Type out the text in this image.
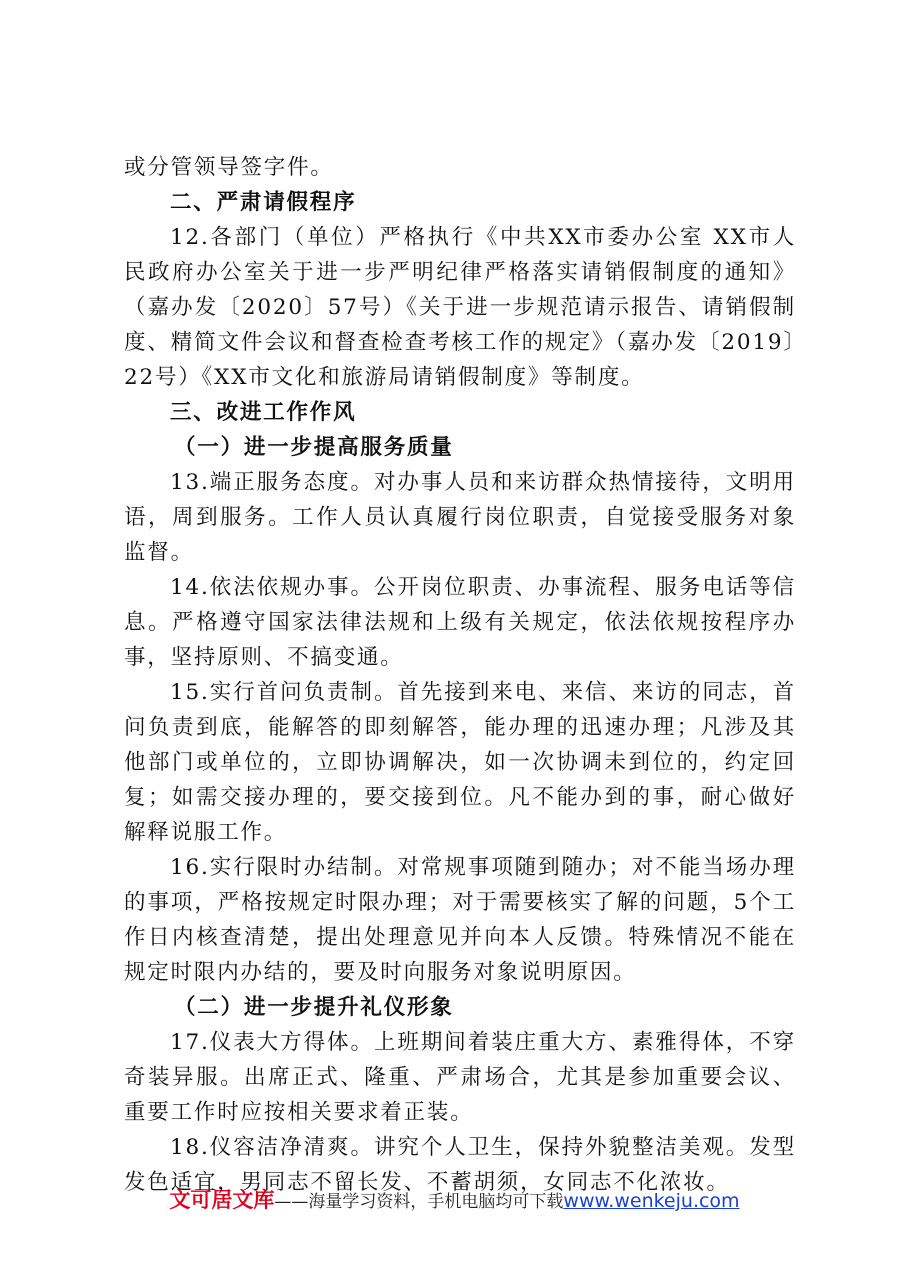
或分管领导签字件。

二、严肃请假程序

12.各部门（单位）严格执行《中共XX市委办公室 XX市人民政府办公室关于进一步严明纪律严格落实请销假制度的通知》（嘉办发〔2020〕57号）《关于进一步规范请示报告、请销假制度、精简文件会议和督查检查考核工作的规定》（嘉办发〔2019〕22号）《XX市文化和旅游局请销假制度》等制度。

三、改进工作作风

（一）进一步提高服务质量

13.端正服务态度。对办事人员和来访群众热情接待，文明用语，周到服务。工作人员认真履行岗位职责，自觉接受服务对象监督。

14.依法依规办事。公开岗位职责、办事流程、服务电话等信息。严格遵守国家法律法规和上级有关规定，依法依规按程序办事，坚持原则、不搞变通。

15.实行首问负责制。首先接到来电、来信、来访的同志，首问负责到底，能解答的即刻解答，能办理的迅速办理；凡涉及其他部门或单位的，立即协调解决，如一次协调未到位的，约定回复；如需交接办理的，要交接到位。凡不能办到的事，耐心做好解释说服工作。

16.实行限时办结制。对常规事项随到随办；对不能当场办理的事项，严格按规定时限办理；对于需要核实了解的问题，5个工作日内核查清楚，提出处理意见并向本人反馈。特殊情况不能在规定时限内办结的，要及时向服务对象说明原因。

（二）进一步提升礼仪形象

17.仪表大方得体。上班期间着装庄重大方、素雅得体，不穿奇装异服。出席正式、隆重、严肃场合，尤其是参加重要会议、重要工作时应按相关要求着正装。

18.仪容洁净清爽。讲究个人卫生，保持外貌整洁美观。发型发色适宜，男同志不留长发、不蓄胡须，女同志不化浓妆。

文可居文库——海量学习资料，手机电脑均可下载www.wenkeju.com
